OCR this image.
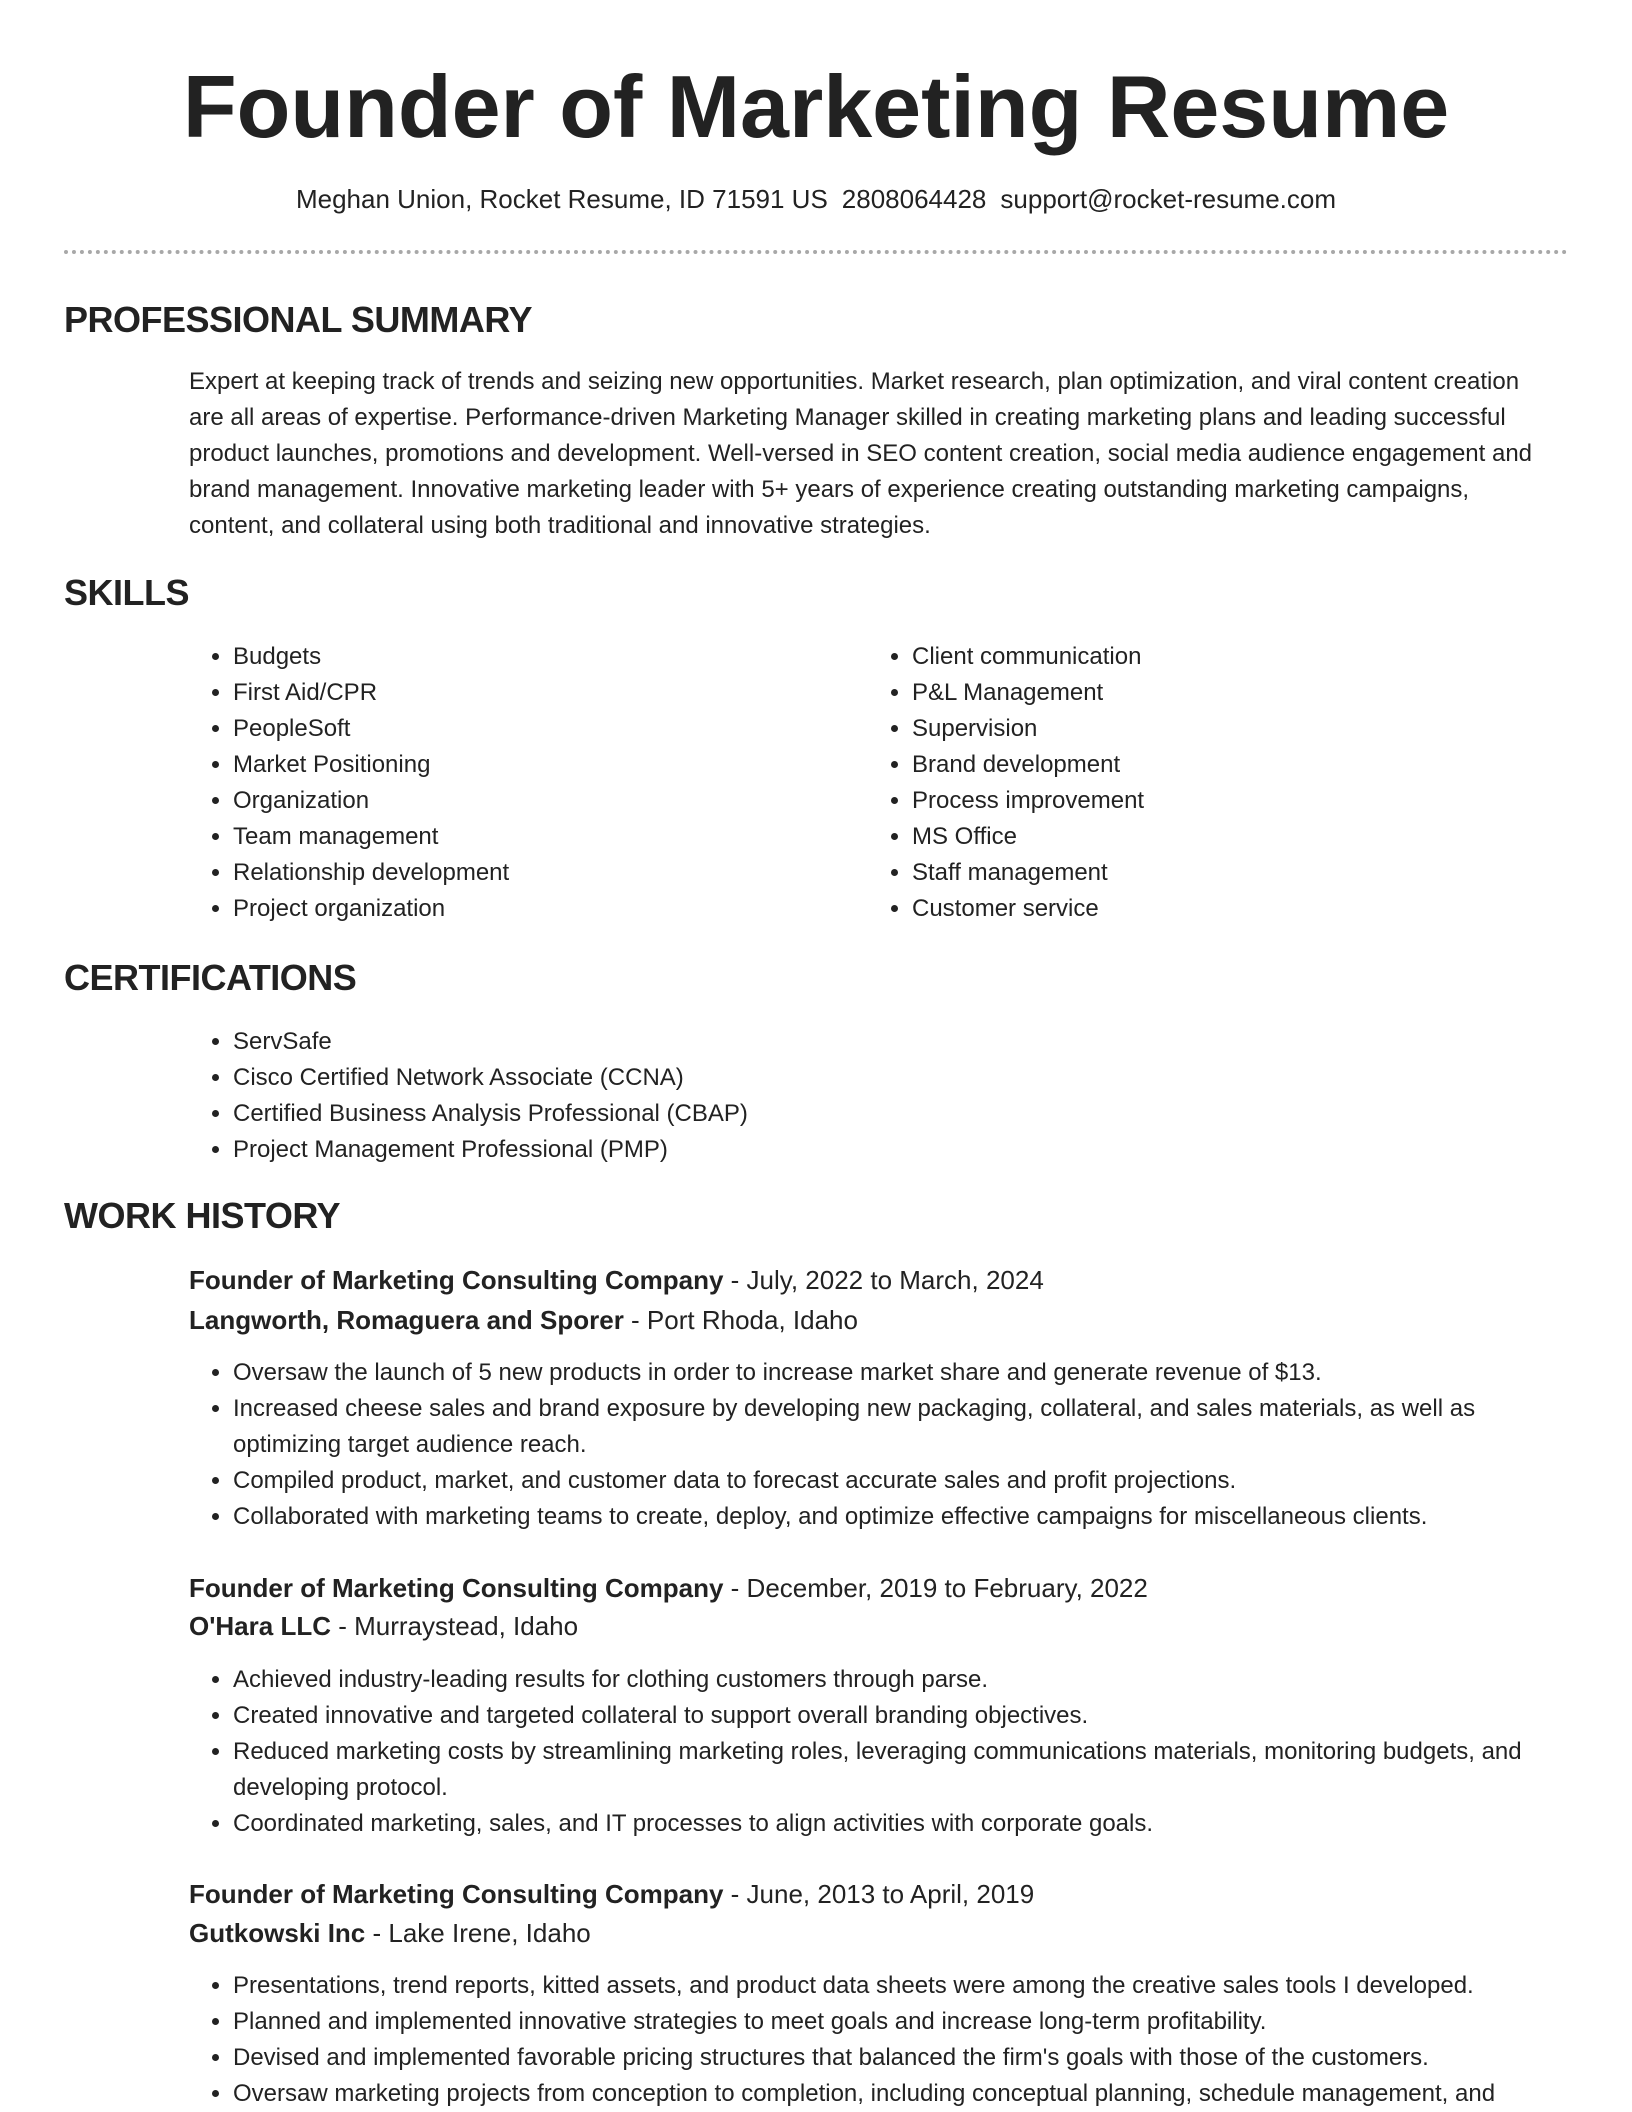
Founder of Marketing Resume
Meghan Union, Rocket Resume, ID 71591 US 2808064428 support@rocket-resume.com
PROFESSIONAL SUMMARY

Expert at keeping track of trends and seizing new opportunities. Market research, plan optimization, and viral content creation are all areas of expertise. Performance-driven Marketing Manager skilled in creating marketing plans and leading successful product launches, promotions and development. Well-versed in SEO content creation, social media audience engagement and brand management. Innovative marketing leader with 5+ years of experience creating outstanding marketing campaigns, content, and collateral using both traditional and innovative strategies.

SKILLS
• Budgets
• First Aid/CPR
• PeopleSoft
• Market Positioning
• Organization
• Team management
• Relationship development
• Project organization
• Client communication
• P&L Management
• Supervision
• Brand development
• Process improvement
• MS Office
• Staff management
• Customer service
CERTIFICATIONS
• ServSafe
• Cisco Certified Network Associate (CCNA)
• Certified Business Analysis Professional (CBAP)
• Project Management Professional (PMP)
WORK HISTORY
Founder of Marketing Consulting Company - July, 2022 to March, 2024
Langworth, Romaguera and Sporer - Port Rhoda, Idaho
• Oversaw the launch of 5 new products in order to increase market share and generate revenue of $13.
• Increased cheese sales and brand exposure by developing new packaging, collateral, and sales materials, as well as optimizing target audience reach.
• Compiled product, market, and customer data to forecast accurate sales and profit projections.
• Collaborated with marketing teams to create, deploy, and optimize effective campaigns for miscellaneous clients.
Founder of Marketing Consulting Company - December, 2019 to February, 2022
O'Hara LLC - Murraystead, Idaho
• Achieved industry-leading results for clothing customers through parse.
• Created innovative and targeted collateral to support overall branding objectives.
• Reduced marketing costs by streamlining marketing roles, leveraging communications materials, monitoring budgets, and developing protocol.
• Coordinated marketing, sales, and IT processes to align activities with corporate goals.
Founder of Marketing Consulting Company - June, 2013 to April, 2019
Gutkowski Inc - Lake Irene, Idaho
• Presentations, trend reports, kitted assets, and product data sheets were among the creative sales tools I developed.
• Planned and implemented innovative strategies to meet goals and increase long-term profitability.
• Devised and implemented favorable pricing structures that balanced the firm's goals with those of the customers.
• Oversaw marketing projects from conception to completion, including conceptual planning, schedule management, and
